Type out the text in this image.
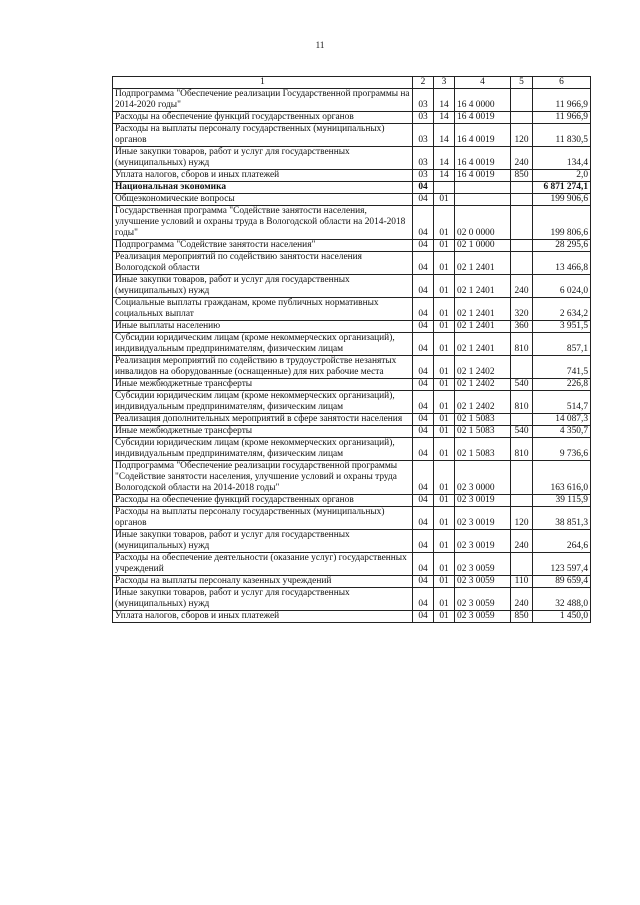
11
1	2	3	4	5	6
Подпрограмма "Обеспечение реализации Государственной программы на 2014-2020 годы"	03	14	16 4 0000		11 966,9
Расходы на обеспечение функций государственных органов	03	14	16 4 0019		11 966,9
Расходы на выплаты персоналу государственных (муниципальных) органов	03	14	16 4 0019	120	11 830,5
Иные закупки товаров, работ и услуг для государственных (муниципальных) нужд	03	14	16 4 0019	240	134,4
Уплата налогов, сборов и иных платежей	03	14	16 4 0019	850	2,0
Национальная экономика	04				6 871 274,1
Общеэкономические вопросы	04	01			199 906,6
Государственная программа "Содействие занятости населения, улучшение условий и охраны труда в Вологодской области на 2014-2018 годы"	04	01	02 0 0000		199 806,6
Подпрограмма "Содействие занятости населения"	04	01	02 1 0000		28 295,6
Реализация мероприятий по содействию занятости населения Вологодской области	04	01	02 1 2401		13 466,8
Иные закупки товаров, работ и услуг для государственных (муниципальных) нужд	04	01	02 1 2401	240	6 024,0
Социальные выплаты гражданам, кроме публичных нормативных социальных выплат	04	01	02 1 2401	320	2 634,2
Иные выплаты населению	04	01	02 1 2401	360	3 951,5
Субсидии юридическим лицам (кроме некоммерческих организаций), индивидуальным предпринимателям, физическим лицам	04	01	02 1 2401	810	857,1
Реализация мероприятий по содействию в трудоустройстве незанятых инвалидов на оборудованные (оснащенные) для них рабочие места	04	01	02 1 2402		741,5
Иные межбюджетные трансферты	04	01	02 1 2402	540	226,8
Субсидии юридическим лицам (кроме некоммерческих организаций), индивидуальным предпринимателям, физическим лицам	04	01	02 1 2402	810	514,7
Реализация дополнительных мероприятий в сфере занятости населения	04	01	02 1 5083		14 087,3
Иные межбюджетные трансферты	04	01	02 1 5083	540	4 350,7
Субсидии юридическим лицам (кроме некоммерческих организаций), индивидуальным предпринимателям, физическим лицам	04	01	02 1 5083	810	9 736,6
Подпрограмма "Обеспечение реализации государственной программы "Содействие занятости населения, улучшение условий и охраны труда Вологодской области на 2014-2018 годы"	04	01	02 3 0000		163 616,0
Расходы на обеспечение функций государственных органов	04	01	02 3 0019		39 115,9
Расходы на выплаты персоналу государственных (муниципальных) органов	04	01	02 3 0019	120	38 851,3
Иные закупки товаров, работ и услуг для государственных (муниципальных) нужд	04	01	02 3 0019	240	264,6
Расходы на обеспечение деятельности (оказание услуг) государственных учреждений	04	01	02 3 0059		123 597,4
Расходы на выплаты персоналу казенных учреждений	04	01	02 3 0059	110	89 659,4
Иные закупки товаров, работ и услуг для государственных (муниципальных) нужд	04	01	02 3 0059	240	32 488,0
Уплата налогов, сборов и иных платежей	04	01	02 3 0059	850	1 450,0
